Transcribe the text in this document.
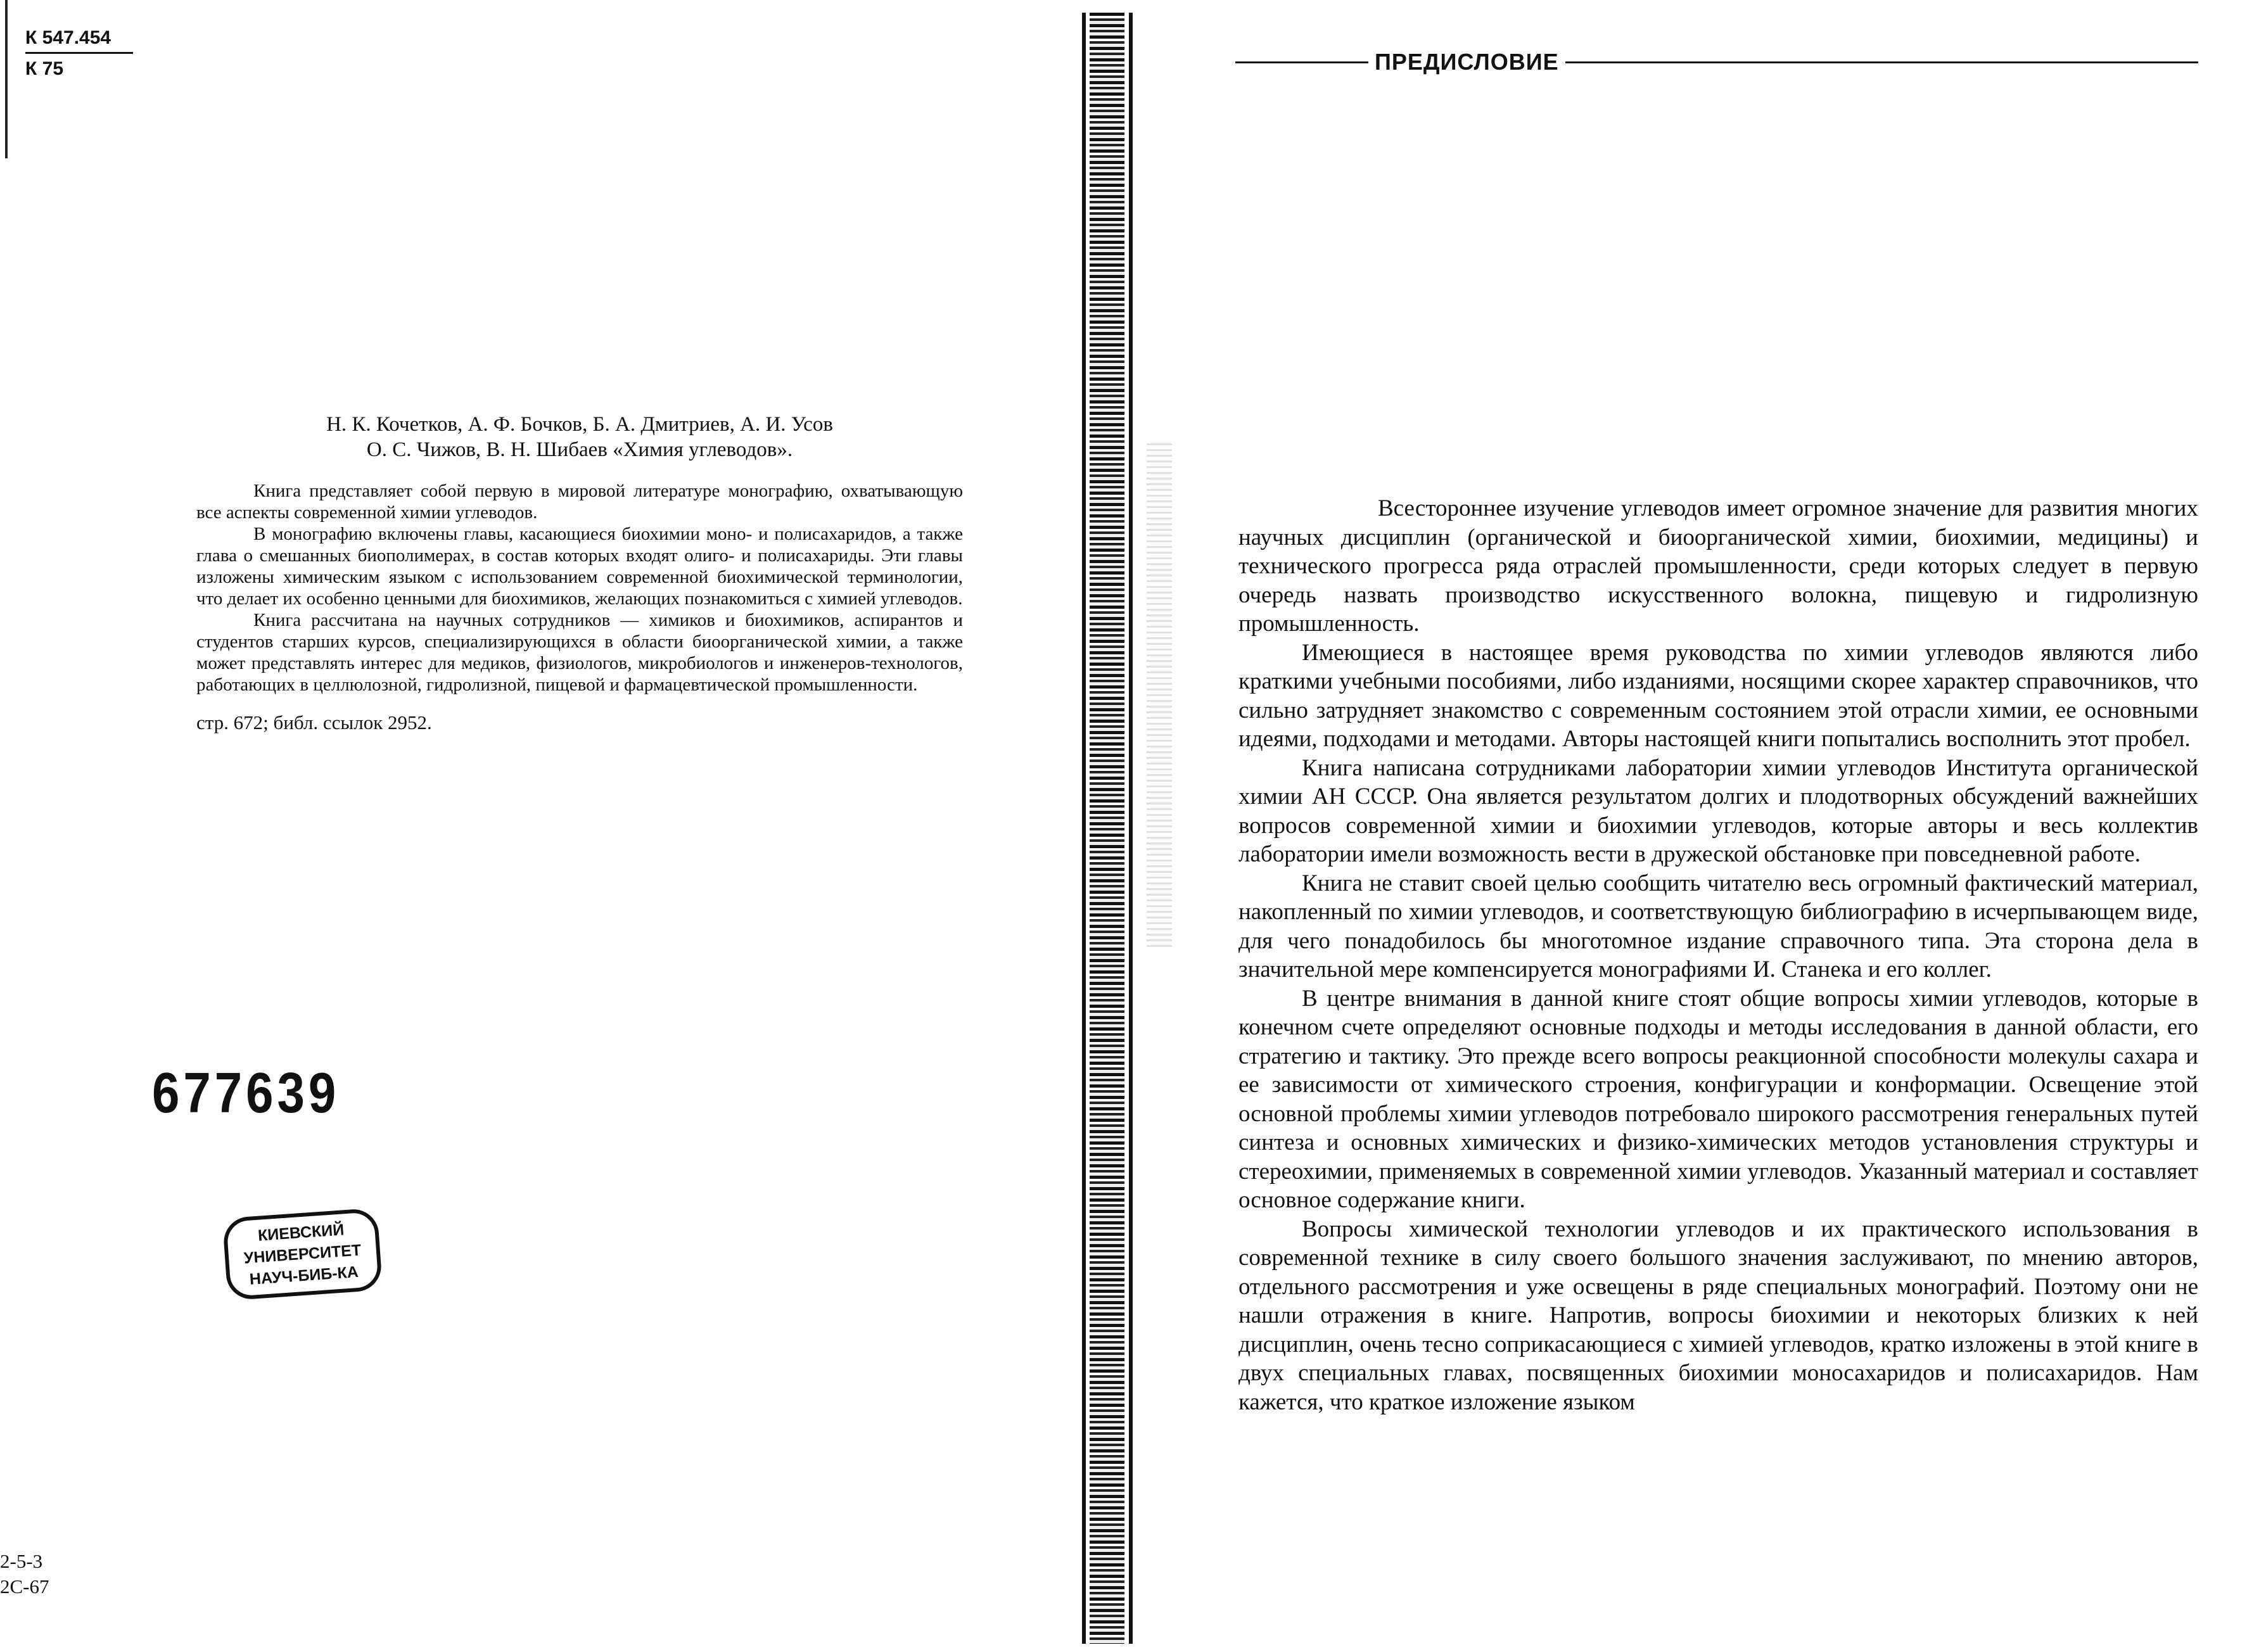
К 547.454
К 75
Н. К. Кочетков, А. Ф. Бочков, Б. А. Дмитриев, А. И. Усов
О. С. Чижов, В. Н. Шибаев «Химия углеводов».

Книга представляет собой первую в мировой литературе монографию, охватывающую все аспекты современной химии углеводов.

В монографию включены главы, касающиеся биохимии моно- и полисахаридов, а также глава о смешанных биополимерах, в состав которых входят олиго- и полисахариды. Эти главы изложены химическим языком с использованием современной биохимической терминологии, что делает их особенно ценными для биохимиков, желающих познакомиться с химией углеводов.

Книга рассчитана на научных сотрудников — химиков и биохимиков, аспирантов и студентов старших курсов, специализирующихся в области биоорганической химии, а также может представлять интерес для медиков, физиологов, микробиологов и инженеров-технологов, работающих в целлюлозной, гидролизной, пищевой и фармацевтической промышленности.

стр. 672; библ. ссылок 2952.
677639
КИЕВСКИЙ
УНИВЕРСИТЕТ
НАУЧ-БИБ-КА
2-5-3
2С-67
ПРЕДИСЛОВИЕ

Всестороннее изучение углеводов имеет огромное значение для развития многих научных дисциплин (органической и биоорганической химии, биохимии, медицины) и технического прогресса ряда отраслей промышленности, среди которых следует в первую очередь назвать производство искусственного волокна, пищевую и гидролизную промышленность.

Имеющиеся в настоящее время руководства по химии углеводов являются либо краткими учебными пособиями, либо изданиями, носящими скорее характер справочников, что сильно затрудняет знакомство с современным состоянием этой отрасли химии, ее основными идеями, подходами и методами. Авторы настоящей книги попытались восполнить этот пробел.

Книга написана сотрудниками лаборатории химии углеводов Института органической химии АН СССР. Она является результатом долгих и плодотворных обсуждений важнейших вопросов современной химии и биохимии углеводов, которые авторы и весь коллектив лаборатории имели возможность вести в дружеской обстановке при повседневной работе.

Книга не ставит своей целью сообщить читателю весь огромный фактический материал, накопленный по химии углеводов, и соответствующую библиографию в исчерпывающем виде, для чего понадобилось бы многотомное издание справочного типа. Эта сторона дела в значительной мере компенсируется монографиями И. Станека и его коллег.

В центре внимания в данной книге стоят общие вопросы химии углеводов, которые в конечном счете определяют основные подходы и методы исследования в данной области, его стратегию и тактику. Это прежде всего вопросы реакционной способности молекулы сахара и ее зависимости от химического строения, конфигурации и конформации. Освещение этой основной проблемы химии углеводов потребовало широкого рассмотрения генеральных путей синтеза и основных химических и физико-химических методов установления структуры и стереохимии, применяемых в современной химии углеводов. Указанный материал и составляет основное содержание книги.

Вопросы химической технологии углеводов и их практического использования в современной технике в силу своего большого значения заслуживают, по мнению авторов, отдельного рассмотрения и уже освещены в ряде специальных монографий. Поэтому они не нашли отражения в книге. Напротив, вопросы биохимии и некоторых близких к ней дисциплин, очень тесно соприкасающиеся с химией углеводов, кратко изложены в этой книге в двух специальных главах, посвященных биохимии моносахаридов и полисахаридов. Нам кажется, что краткое изложение языком
